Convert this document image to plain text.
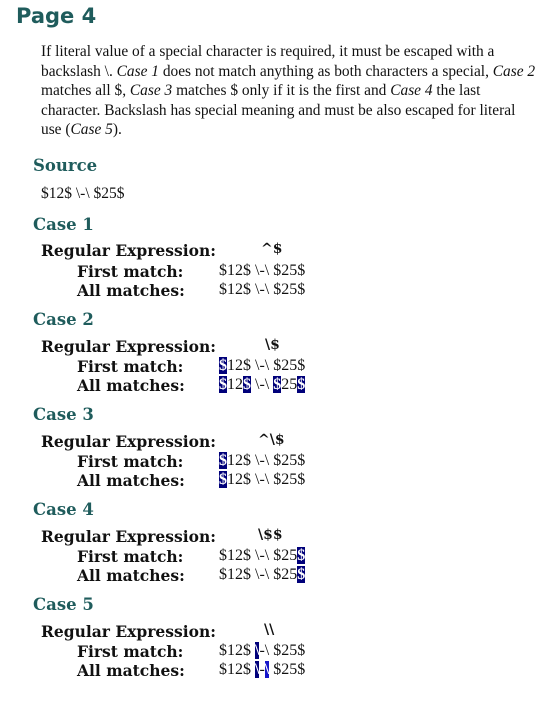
Page 4

If literal value of a special character is required, it must be escaped with a backslash \. Case 1 does not match anything as both characters a special, Case 2 matches all $, Case 3 matches $ only if it is the first and Case 4 the last character. Backslash has special meaning and must be also escaped for literal use (Case 5).

Source
$12$ \-\ $25$
Case 1
Regular Expression:	^$
First match: $12$ \-\ $25$
All matches: $12$ \-\ $25$
Case 2
Regular Expression:	\$
First match: $12$ \-\ $25$
All matches: $12$ \-\ $25$
Case 3
Regular Expression:	^\$
First match: $12$ \-\ $25$
All matches: $12$ \-\ $25$
Case 4
Regular Expression:	\$$
First match: $12$ \-\ $25$
All matches: $12$ \-\ $25$
Case 5
Regular Expression:	\\
First match: $12$ \-\ $25$
All matches: $12$ \-\ $25$
